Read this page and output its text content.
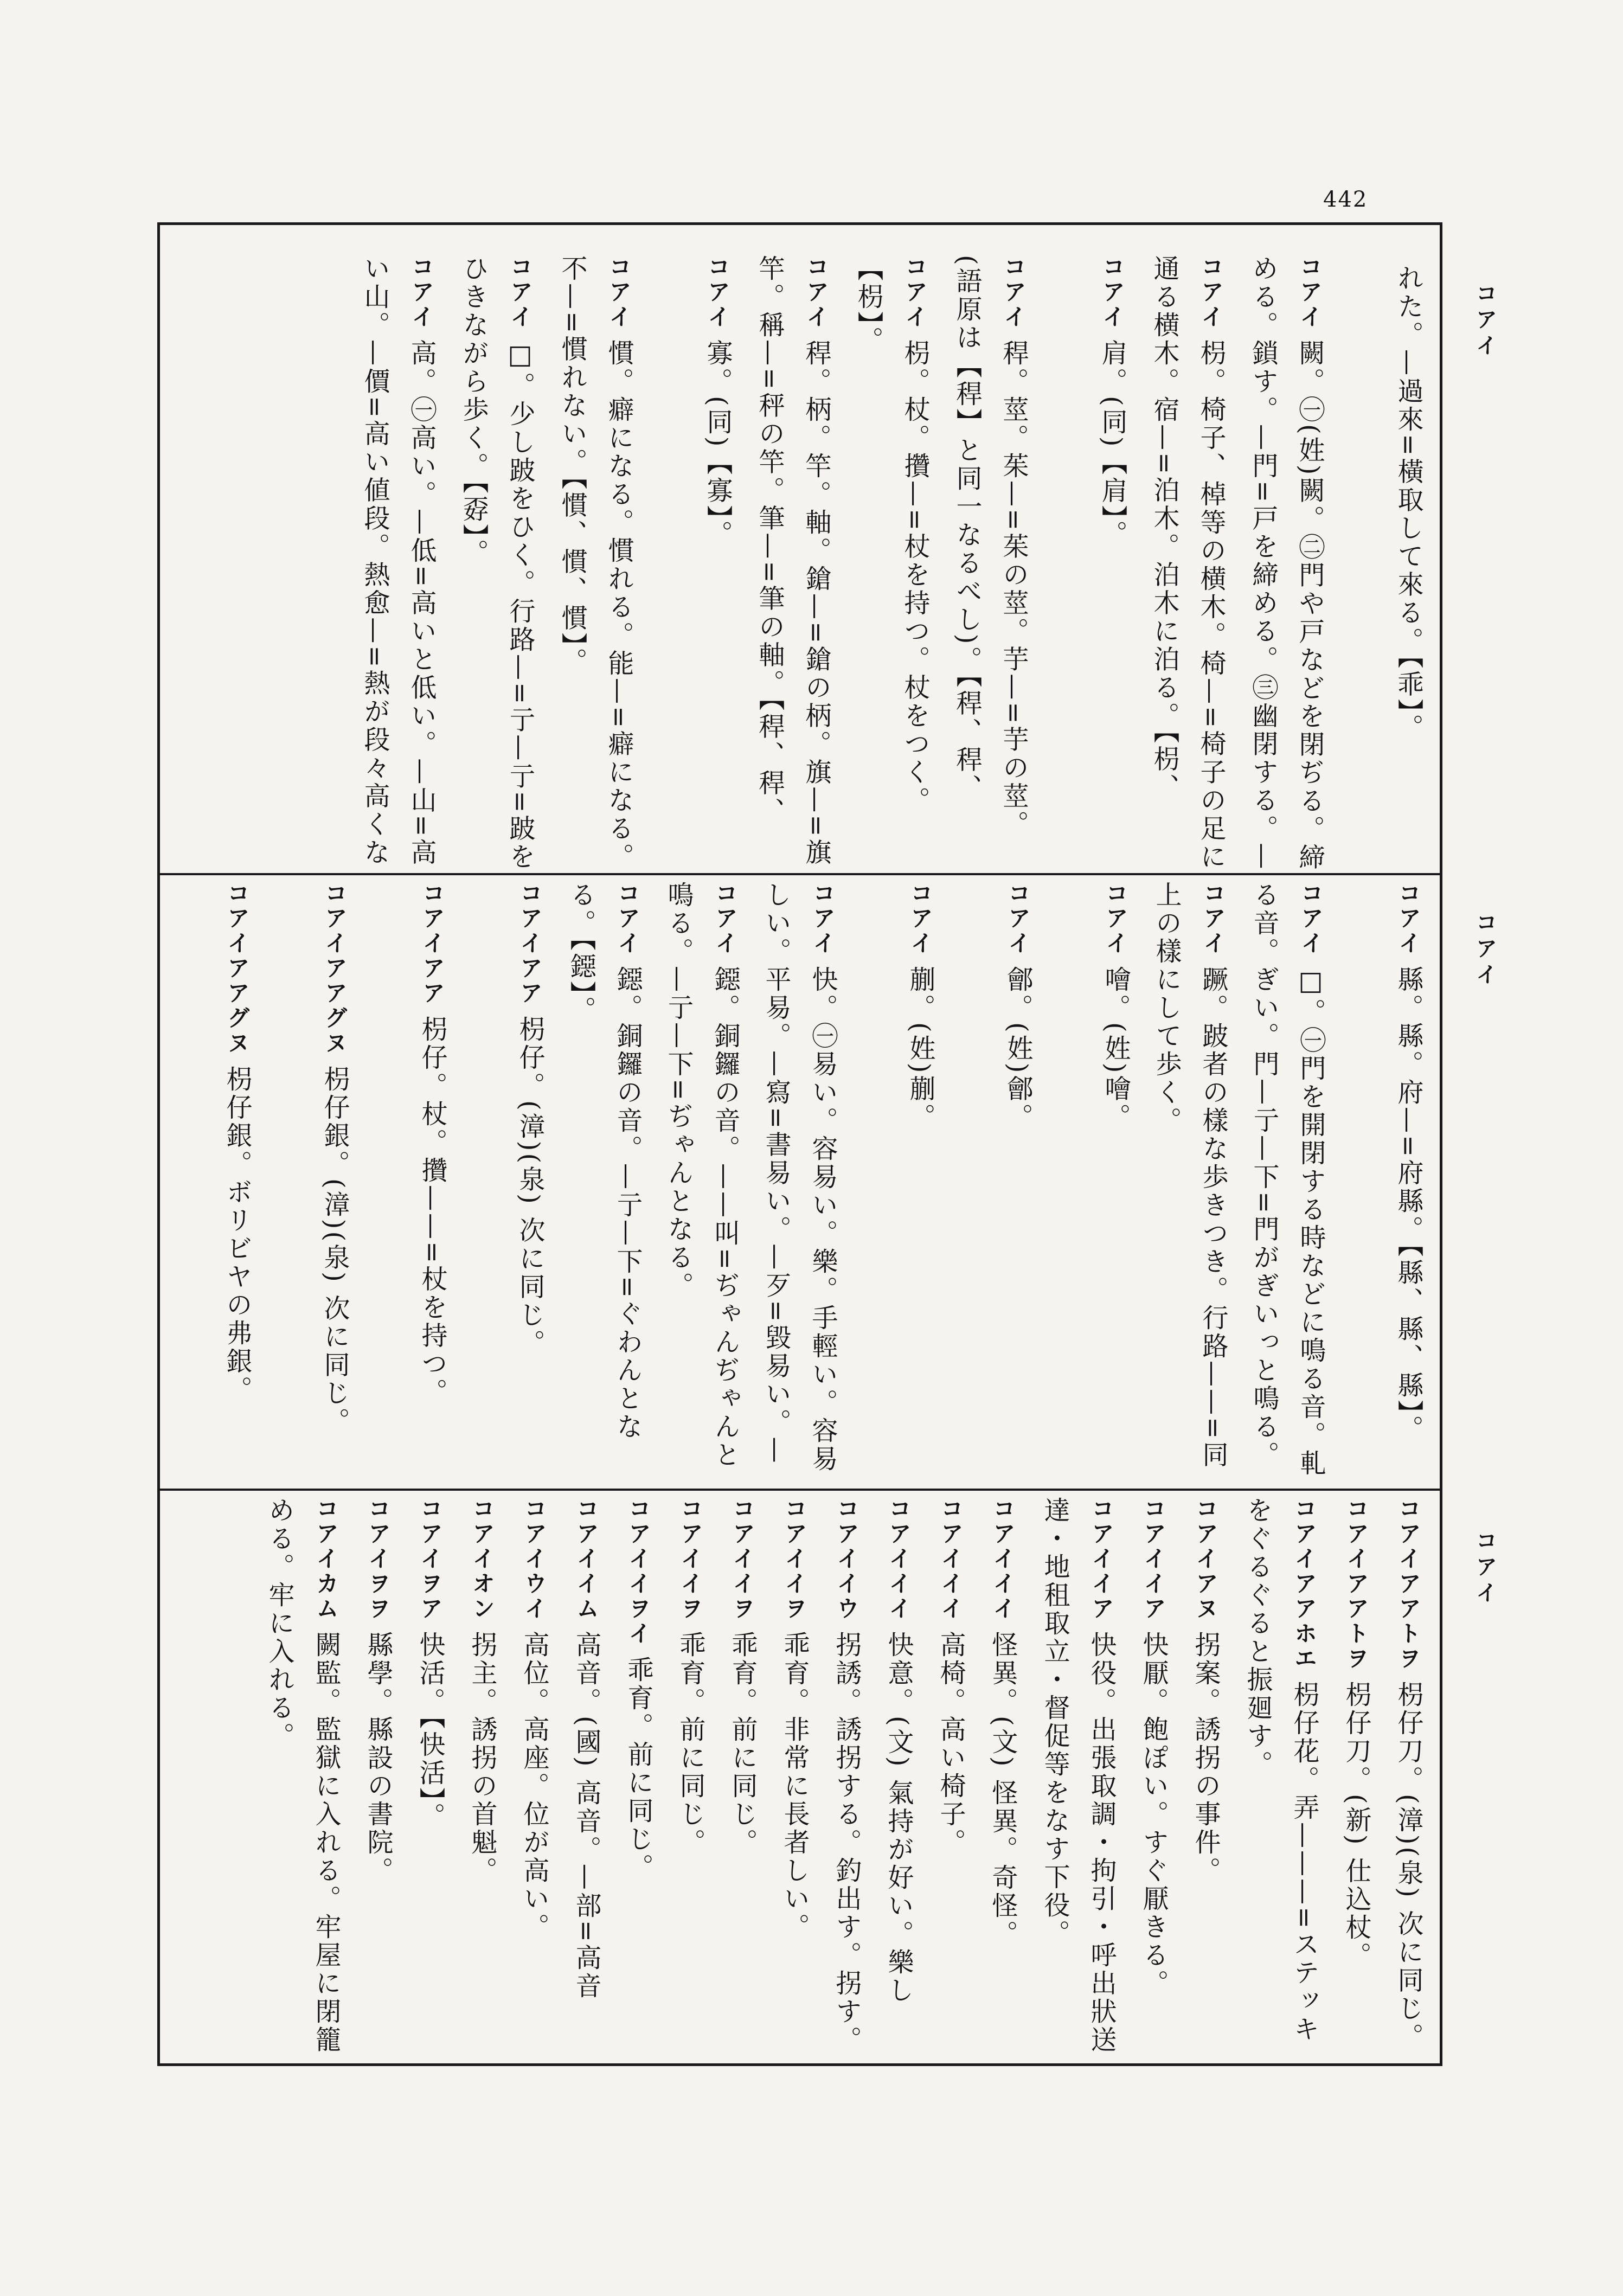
442
コアイ
コアイ
コアイ
れた。—過來=橫取して來る。【乖】。
コアイ闕。㊀(姓)闕。㊁門や戸などを閉ぢる。締める。鎖す。—門=戸を締める。㊂幽閉する。—
コアイ枴。椅子、棹等の横木。椅—=椅子の足に通る横木。宿—=泊木。泊木に泊る。【枴、
コアイ肩。(同)【肩】。
コアイ稈。莖。茱—=茱の莖。芋—=芋の莖。(語原は【稈】と同一なるべし)。【稈、稈、
コアイ枴。杖。攢—=杖を持つ。杖をつく。【枴】。
コアイ稈。柄。竿。軸。鎗—=鎗の柄。旗—=旗竿。稱—=秤の竿。筆—=筆の軸。【稈、稈、
コアイ寡。(同)【寡】。
コアイ慣。癖になる。慣れる。能—=癖になる。不—=慣れない。【慣、慣、慣】。
コアイ□。少し跛をひく。行路—=亍—亍=跛をひきながら歩く。【孬】。
コアイ高。㊀高い。—低=高いと低い。—山=高い山。—價=高い値段。熱愈—=熱が段々高くな
コアイ縣。縣。府—=府縣。【縣、縣、縣】。
コアイ□。㊀門を開閉する時などに鳴る音。軋る音。ぎい。門—亍—下=門がぎいっと鳴る。
コアイ蹶。跛者の樣な歩きつき。行路——=同上の樣にして歩く。
コアイ噲。(姓)噲。
コアイ鄶。(姓)鄶。
コアイ蒯。(姓)蒯。
コアイ快。㊀易い。容易い。樂。手輕い。容易しい。平易。—寫=書易い。—歹=毀易い。—
コアイ鐚。銅鑼の音。——叫=ぢゃんぢゃんと鳴る。—亍—下=ぢゃんとなる。
コアイ鐚。銅鑼の音。—亍—下=ぐわんとなる。【鐚】。
コアイアア枴仔。(漳)(泉) 次に同じ。
コアイアア枴仔。杖。攢——=杖を持つ。
コアイアアグヌ枴仔銀。(漳)(泉) 次に同じ。
コアイアアグヌ枴仔銀。ボリビヤの弗銀。
コアイアアトヲ枴仔刀。(漳)(泉) 次に同じ。
コアイアアトヲ枴仔刀。(新) 仕込杖。
コアイアアホエ枴仔花。弄———=ステッキをぐるぐると振廻す。
コアイアヌ拐案。誘拐の事件。
コアイイア快厭。飽ぽい。すぐ厭きる。
コアイイア快役。出張取調・拘引・呼出狀送達・地租取立・督促等をなす下役。
コアイイイ怪異。(文) 怪異。奇怪。
コアイイイ高椅。高い椅子。
コアイイイ快意。(文) 氣持が好い。樂し
コアイイウ拐誘。誘拐する。釣出す。拐す。
コアイイヲ乖育。非常に長者しい。
コアイイヲ乖育。前に同じ。
コアイイヲ乖育。前に同じ。
コアイイヲイ乖育。前に同じ。
コアイイム高音。(國) 高音。—部=高音
コアイウイ高位。高座。位が高い。
コアイオン拐主。誘拐の首魁。
コアイヲア快活。【快活】。
コアイヲヲ縣學。縣設の書院。
コアイカム闕監。監獄に入れる。牢屋に閉籠める。牢に入れる。
